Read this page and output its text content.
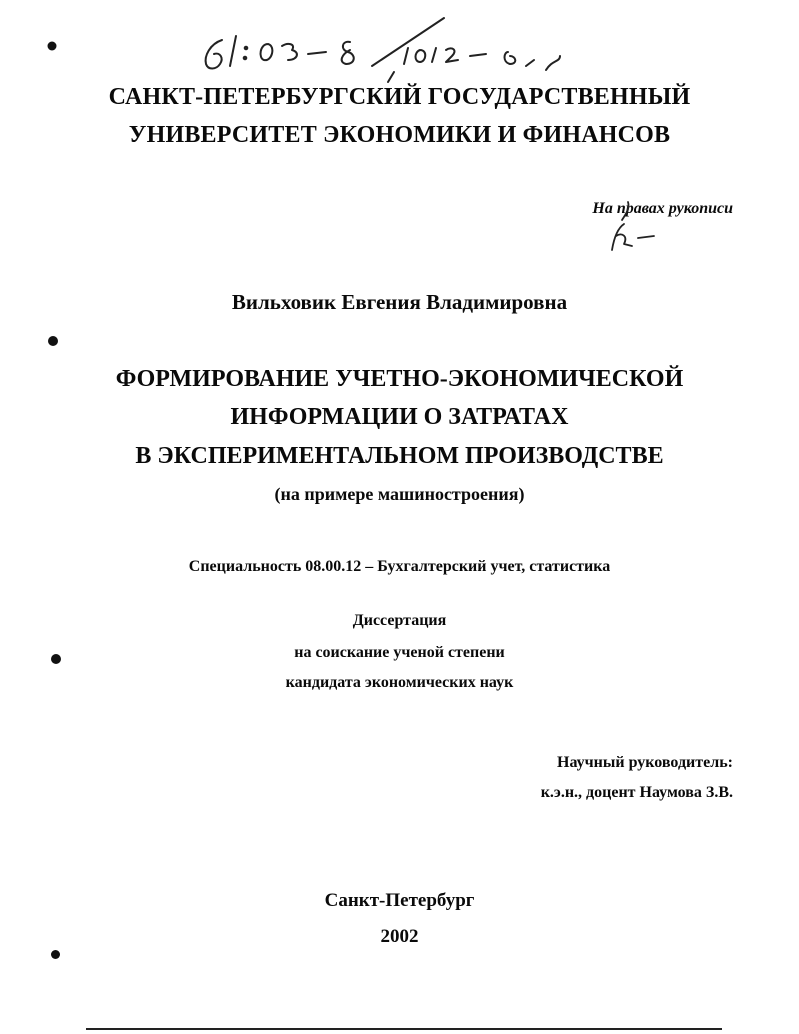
САНКТ-ПЕТЕРБУРГСКИЙ ГОСУДАРСТВЕННЫЙ
УНИВЕРСИТЕТ ЭКОНОМИКИ И ФИНАНСОВ
На правах рукописи
Вильховик Евгения Владимировна
ФОРМИРОВАНИЕ УЧЕТНО-ЭКОНОМИЧЕСКОЙ
ИНФОРМАЦИИ О ЗАТРАТАХ
В ЭКСПЕРИМЕНТАЛЬНОМ ПРОИЗВОДСТВЕ
(на примере машиностроения)
Специальность 08.00.12 – Бухгалтерский учет, статистика
Диссертация
на соискание ученой степени
кандидата экономических наук
Научный руководитель:
к.э.н., доцент Наумова З.В.
Санкт-Петербург
2002
